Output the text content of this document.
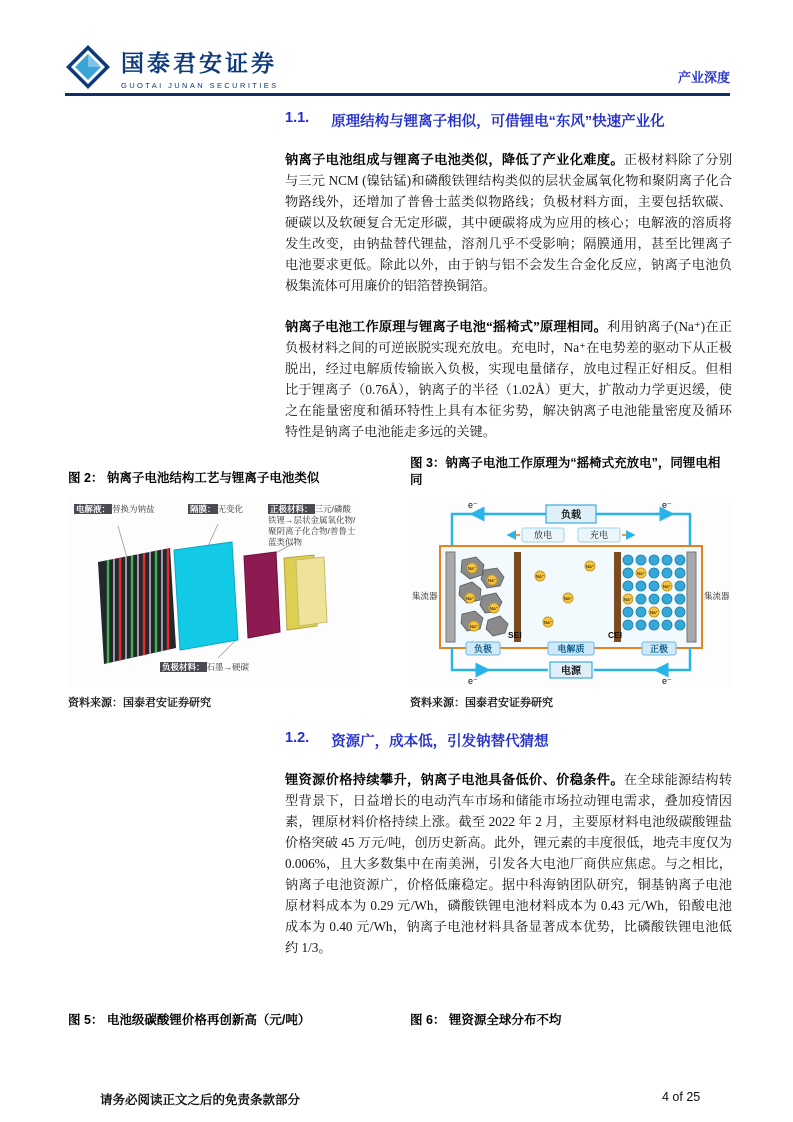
国泰君安证券
GUOTAI JUNAN SECURITIES	产业深度
1.1. 原理结构与锂离子相似，可借锂电“东风”快速产业化

钠离子电池组成与锂离子电池类似，降低了产业化难度。正极材料除了分别与三元 NCM (镍钴锰)和磷酸铁锂结构类似的层状金属氧化物和聚阴离子化合物路线外，还增加了普鲁士蓝类似物路线；负极材料方面，主要包括软碳、硬碳以及软硬复合无定形碳，其中硬碳将成为应用的核心；电解液的溶质将发生改变，由钠盐替代锂盐，溶剂几乎不受影响；隔膜通用，甚至比锂离子电池要求更低。除此以外，由于钠与铝不会发生合金化反应，钠离子电池负极集流体可用廉价的铝箔替换铜箔。

钠离子电池工作原理与锂离子电池“摇椅式”原理相同。利用钠离子(Na⁺)在正负极材料之间的可逆嵌脱实现充放电。充电时，Na⁺在电势差的驱动下从正极脱出，经过电解质传输嵌入负极，实现电量储存，放电过程正好相反。但相比于锂离子（0.76Å），钠离子的半径（1.02Å）更大，扩散动力学更迟缓，使之在能量密度和循环特性上具有本征劣势，解决钠离子电池能量密度及循环特性是钠离子电池能走多远的关键。

图 2： 钠离子电池结构工艺与锂离子电池类似
图 3：钠离子电池工作原理为“摇椅式充放电”，同锂电相同
电解液： 替换为钠盐	隔膜： 无变化	正极材料： 三元/磷酸铁锂→层状金属氧化物/聚阴离子化合物/普鲁士蓝类似物
负极材料： 石墨→硬碳
e⁻	e⁻
负载
放电	充电
集流器	集流器
Na⁺
Na⁺
Na⁺
Na⁺
Na⁺
SEI	CEI
Na⁺
Na⁺
Na⁺
Na⁺
Na⁺
Na⁺
Na⁺
Na⁺
负极	电解质	正极
e⁻	e⁻
电源
资料来源：国泰君安证券研究	资料来源：国泰君安证券研究
1.2. 资源广，成本低，引发钠替代猜想

锂资源价格持续攀升，钠离子电池具备低价、价稳条件。在全球能源结构转型背景下，日益增长的电动汽车市场和储能市场拉动锂电需求，叠加疫情因素，锂原材料价格持续上涨。截至 2022 年 2 月，主要原材料电池级碳酸锂盐价格突破 45 万元/吨，创历史新高。此外，锂元素的丰度很低，地壳丰度仅为 0.006%，且大多数集中在南美洲，引发各大电池厂商供应焦虑。与之相比，钠离子电池资源广，价格低廉稳定。据中科海钠团队研究，铜基钠离子电池原材料成本为 0.29 元/Wh，磷酸铁锂电池材料成本为 0.43 元/Wh，铅酸电池成本为 0.40 元/Wh，钠离子电池材料具备显著成本优势，比磷酸铁锂电池低约 1/3。

图 5： 电池级碳酸锂价格再创新高（元/吨）	图 6： 锂资源全球分布不均
请务必阅读正文之后的免责条款部分	4 of 25
